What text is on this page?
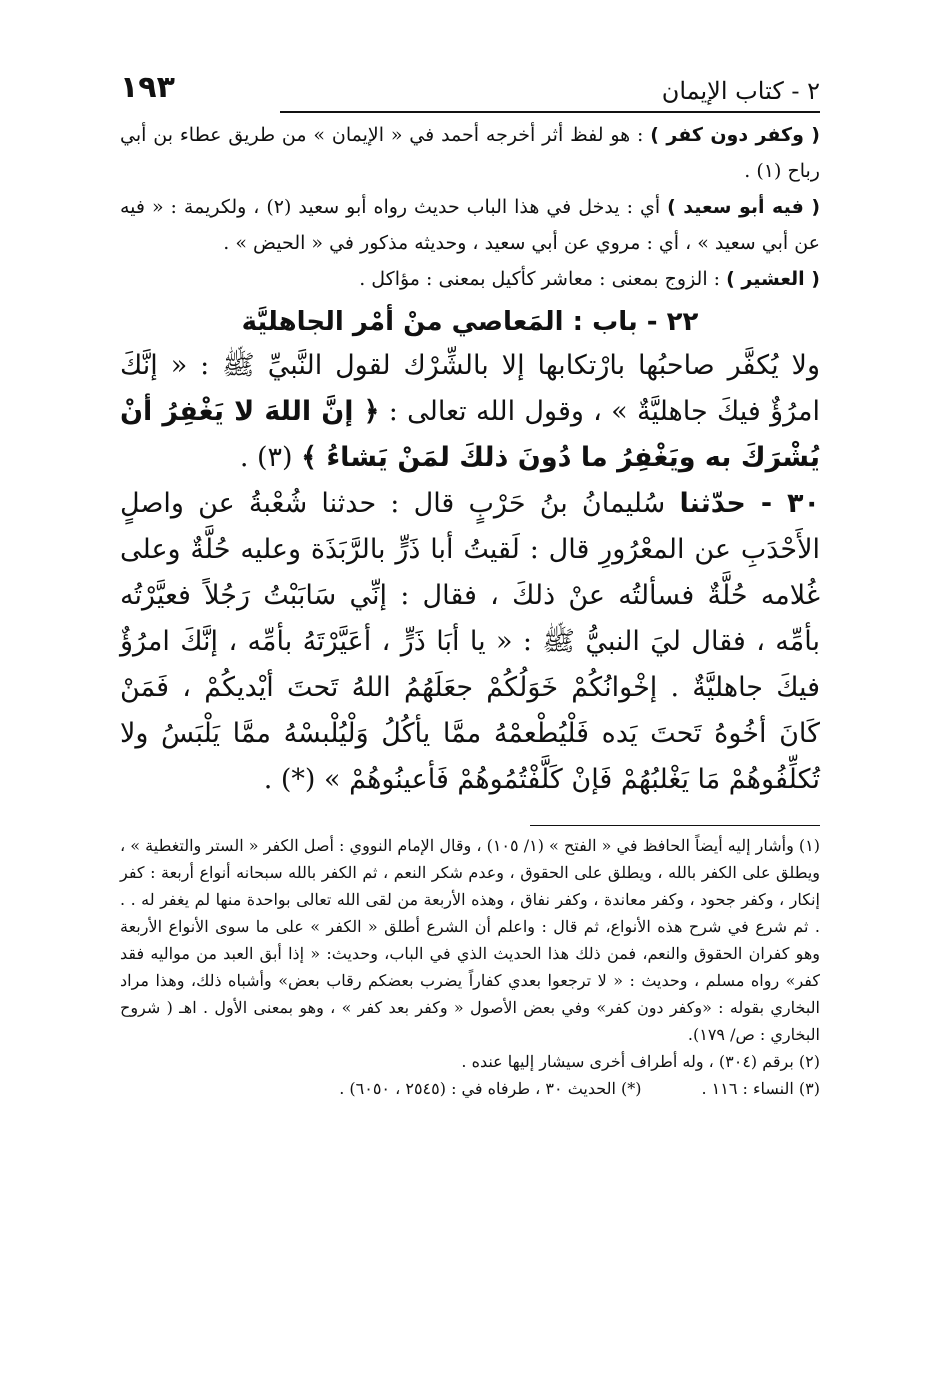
٢ - كتاب الإيمان
١٩٣

( وكفر دون كفر ) : هو لفظ أثر أخرجه أحمد في « الإيمان » من طريق عطاء بن أبي رباح (١) .

( فيه أبو سعيد ) أي : يدخل في هذا الباب حديث رواه أبو سعيد (٢) ، ولكريمة : « فيه عن أبي سعيد » ، أي : مروي عن أبي سعيد ، وحديثه مذكور في « الحيض » .

( العشير ) : الزوج بمعنى : معاشر كأكيل بمعنى : مؤاكل .

٢٢ - باب : المَعاصي منْ أمْر الجاهليَّة

ولا يُكفَّر صاحبُها بارْتكابها إلا بالشِّرْك لقول النَّبيِّ ﷺ : « إنَّكَ امرُؤٌ فيكَ جاهليَّةٌ » ، وقول الله تعالى : ﴿ إنَّ اللهَ لا يَغْفِرُ أنْ يُشْرَكَ به ويَغْفِرُ ما دُونَ ذلكَ لمَنْ يَشاءُ ﴾ (٣) .

٣٠ - حدّثنا سُليمانُ بنُ حَرْبٍ قال : حدثنا شُعْبةُ عن واصلٍ الأَحْدَبِ عن المعْرُورِ قال : لَقيتُ أبا ذَرٍّ بالرَّبَذَة وعليه حُلَّةٌ وعلى غُلامه حُلَّةٌ فسألتُه عنْ ذلكَ ، فقال : إنِّي سَابَبْتُ رَجُلاً فعيَّرْتُه بأمِّه ، فقال ليَ النبيُّ ﷺ : « يا أبَا ذَرٍّ ، أعَيَّرْتَهُ بأمِّه ، إنَّكَ امرُؤٌ فيكَ جاهليَّةٌ . إخْوانُكُمْ خَوَلُكُمْ جعَلَهُمُ اللهُ تَحتَ أيْديكُمْ ، فَمَنْ كَانَ أخُوهُ تَحتَ يَده فَلْيُطْعمْهُ ممَّا يأكُلُ وَلْيُلْبسْهُ ممَّا يَلْبَسُ ولا تُكلِّفُوهُمْ مَا يَغْلبُهُمْ فَإنْ كَلَّفْتُمُوهُمْ فَأعينُوهُمْ » (*) .

(١) وأشار إليه أيضاً الحافظ في « الفتح » (١/ ١٠٥) ، وقال الإمام النووي : أصل الكفر « الستر والتغطية » ، ويطلق على الكفر بالله ، ويطلق على الحقوق ، وعدم شكر النعم ، ثم الكفر بالله سبحانه أنواع أربعة : كفر إنكار ، وكفر جحود ، وكفر معاندة ، وكفر نفاق ، وهذه الأربعة من لقى الله تعالى بواحدة منها لم يغفر له . . . ثم شرع في شرح هذه الأنواع، ثم قال : واعلم أن الشرع أطلق « الكفر » على ما سوى الأنواع الأربعة وهو كفران الحقوق والنعم، فمن ذلك هذا الحديث الذي في الباب، وحديث: « إذا أبق العبد من مواليه فقد كفر» رواه مسلم ، وحديث : « لا ترجعوا بعدي كفاراً يضرب بعضكم رقاب بعض» وأشباه ذلك، وهذا مراد البخاري بقوله : «وكفر دون كفر» وفي بعض الأصول « وكفر بعد كفر » ، وهو بمعنى الأول . اهـ ( شروح البخاري : ص/ ١٧٩).

(٢) برقم (٣٠٤) ، وله أطراف أخرى سيشار إليها عنده .

(٣) النساء : ١١٦ .
(*) الحديث ٣٠ ، طرفاه في : (٢٥٤٥ ، ٦٠٥٠) .
